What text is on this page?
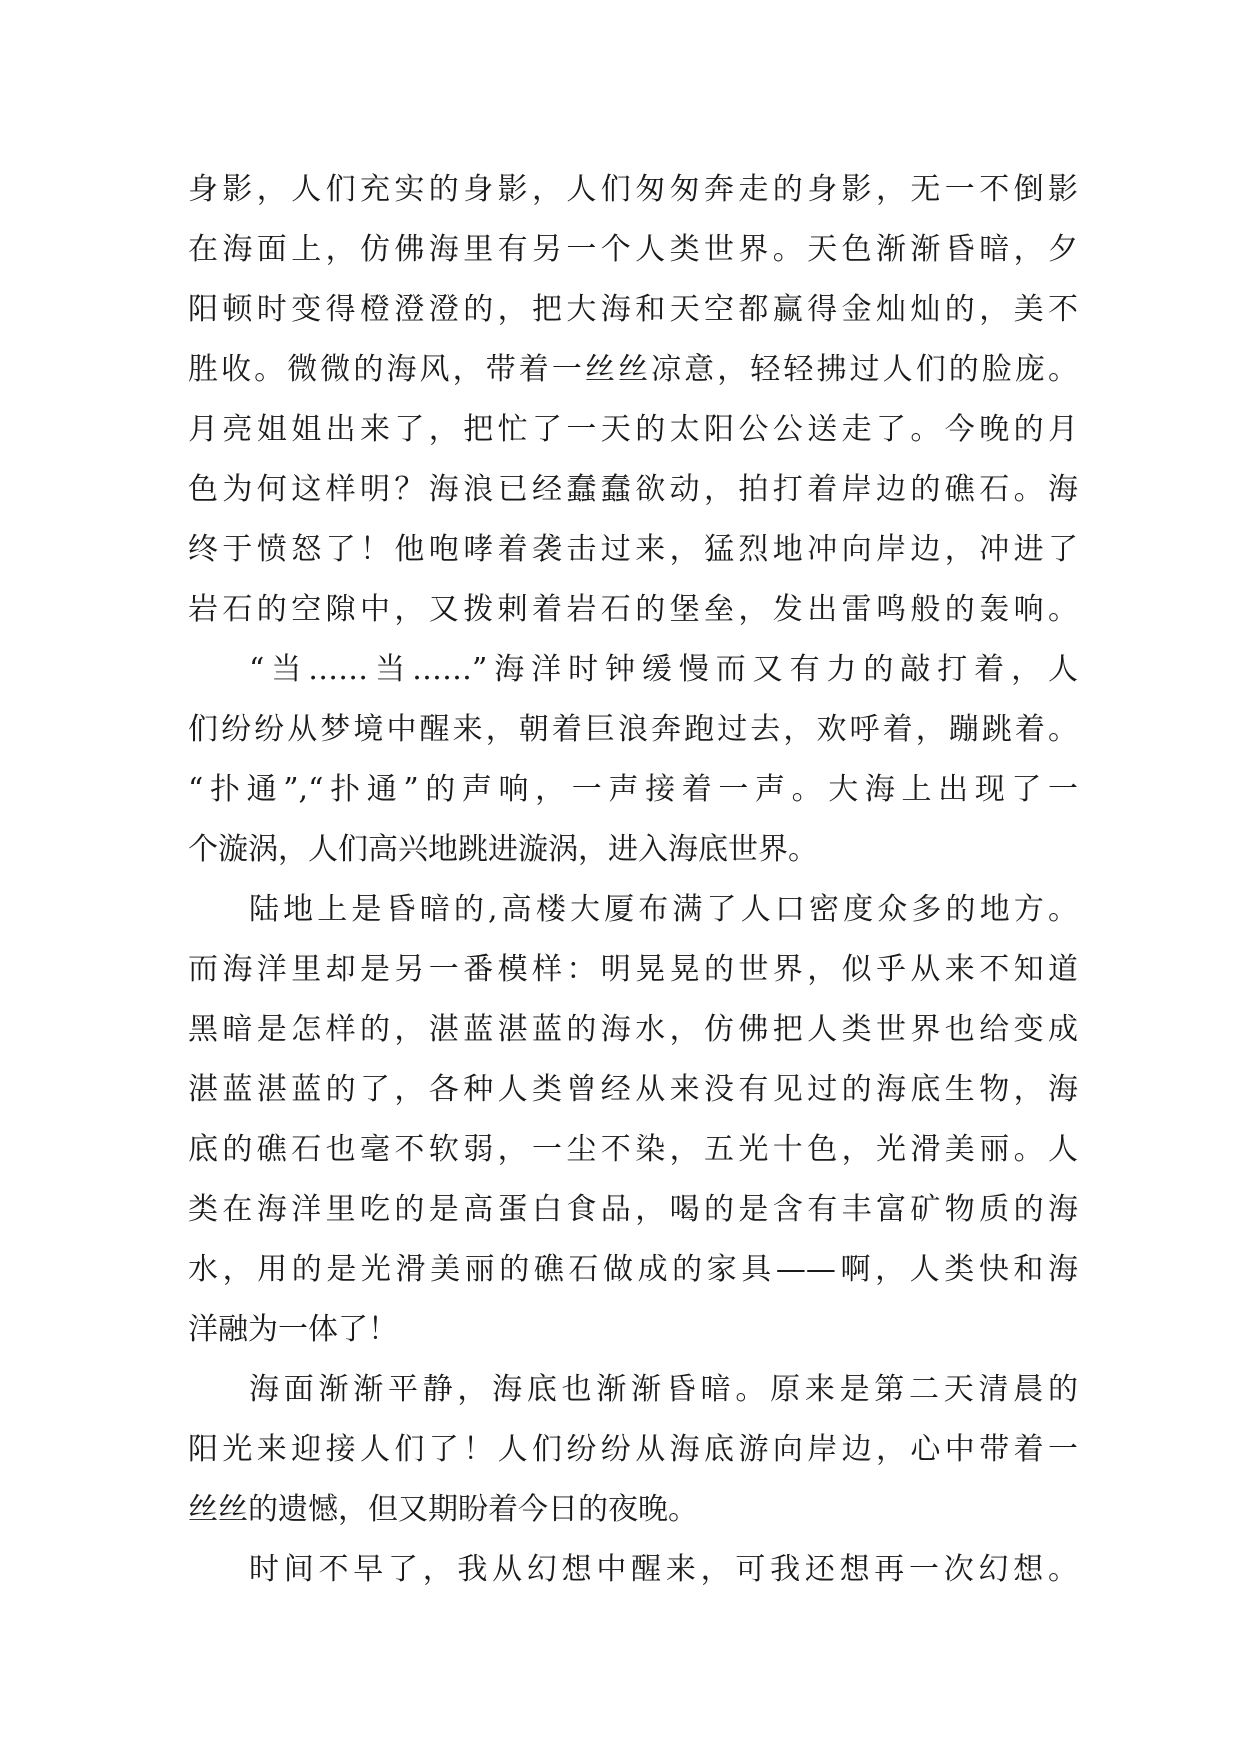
身影，人们充实的身影，人们匆匆奔走的身影，无一不倒影
在海面上，仿佛海里有另一个人类世界。天色渐渐昏暗，夕
阳顿时变得橙澄澄的，把大海和天空都赢得金灿灿的，美不
胜收。微微的海风，带着一丝丝凉意，轻轻拂过人们的脸庞。
月亮姐姐出来了，把忙了一天的太阳公公送走了。今晚的月
色为何这样明？海浪已经蠢蠢欲动，拍打着岸边的礁石。海
终于愤怒了！他咆哮着袭击过来，猛烈地冲向岸边，冲进了
岩石的空隙中，又拨剌着岩石的堡垒，发出雷鸣般的轰响。
“当……当……”海洋时钟缓慢而又有力的敲打着，人
们纷纷从梦境中醒来，朝着巨浪奔跑过去，欢呼着，蹦跳着。
“扑通”,“扑通”的声响，一声接着一声。大海上出现了一
个漩涡，人们高兴地跳进漩涡，进入海底世界。
陆地上是昏暗的,高楼大厦布满了人口密度众多的地方。
而海洋里却是另一番模样：明晃晃的世界，似乎从来不知道
黑暗是怎样的，湛蓝湛蓝的海水，仿佛把人类世界也给变成
湛蓝湛蓝的了，各种人类曾经从来没有见过的海底生物，海
底的礁石也毫不软弱，一尘不染，五光十色，光滑美丽。人
类在海洋里吃的是高蛋白食品，喝的是含有丰富矿物质的海
水，用的是光滑美丽的礁石做成的家具——啊，人类快和海
洋融为一体了！
海面渐渐平静，海底也渐渐昏暗。原来是第二天清晨的
阳光来迎接人们了！人们纷纷从海底游向岸边，心中带着一
丝丝的遗憾，但又期盼着今日的夜晚。
时间不早了，我从幻想中醒来，可我还想再一次幻想。
